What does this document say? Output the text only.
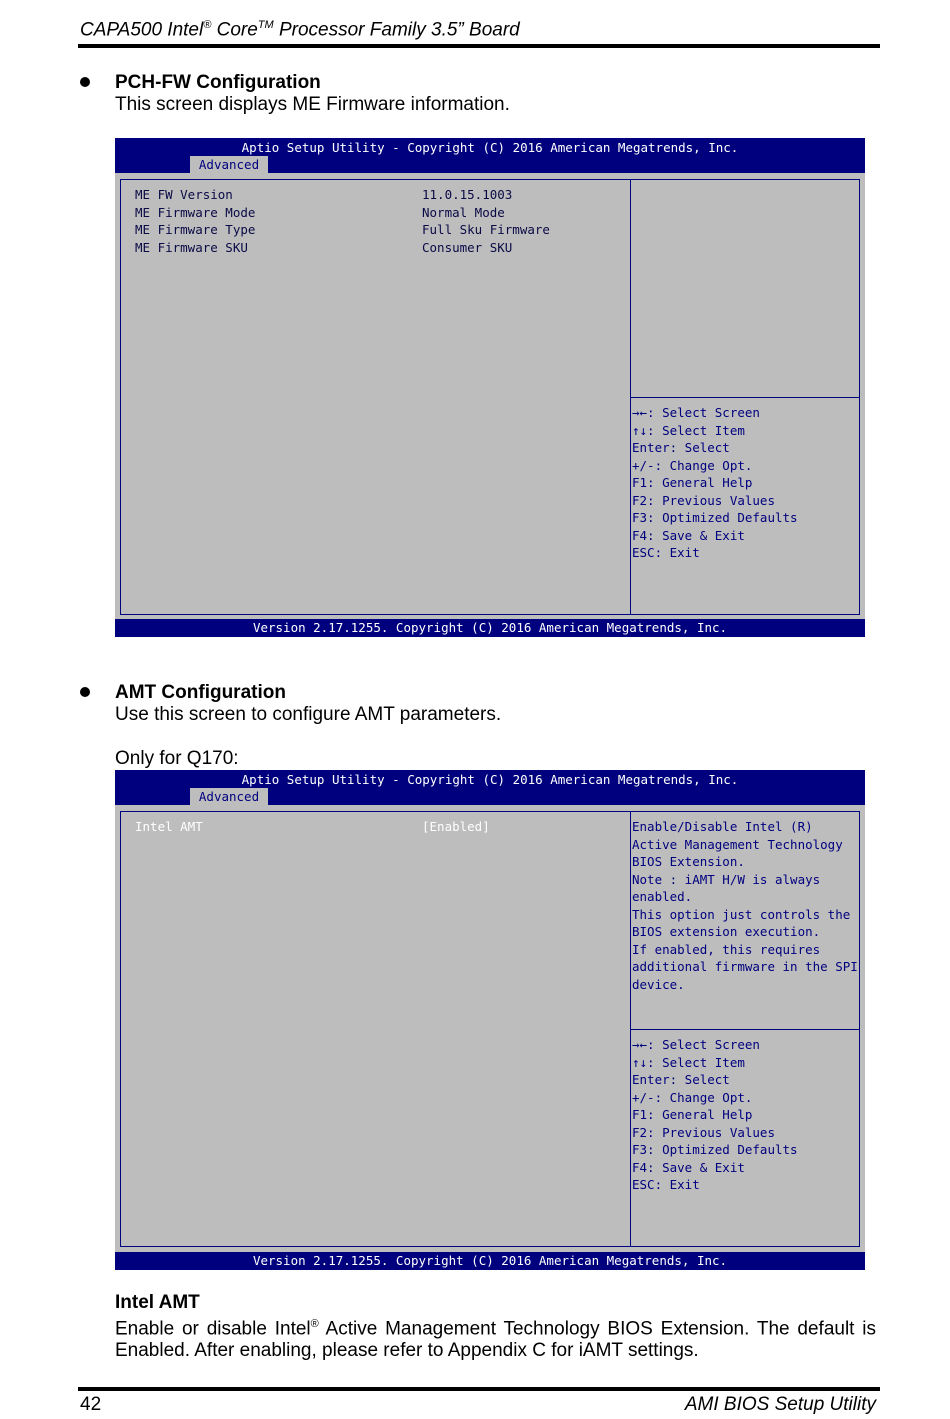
CAPA500 Intel® Core™ Processor Family 3.5” Board
PCH-FW Configuration
This screen displays ME Firmware information.
Aptio Setup Utility - Copyright (C) 2016 American Megatrends, Inc.
Advanced
ME FW Version	11.0.15.1003
ME Firmware Mode	Normal Mode
ME Firmware Type	Full Sku Firmware
ME Firmware SKU	Consumer SKU
→←: Select Screen
↑↓: Select Item
Enter: Select
+/-: Change Opt.
F1: General Help
F2: Previous Values
F3: Optimized Defaults
F4: Save & Exit
ESC: Exit
Version 2.17.1255. Copyright (C) 2016 American Megatrends, Inc.
AMT Configuration
Use this screen to configure AMT parameters.
Only for Q170:
Aptio Setup Utility - Copyright (C) 2016 American Megatrends, Inc.
Advanced
Intel AMT	[Enabled]	Enable/Disable Intel (R)
Active Management Technology
BIOS Extension.
Note : iAMT H/W is always
enabled.
This option just controls the
BIOS extension execution.
If enabled, this requires
additional firmware in the SPI
device.
→←: Select Screen
↑↓: Select Item
Enter: Select
+/-: Change Opt.
F1: General Help
F2: Previous Values
F3: Optimized Defaults
F4: Save & Exit
ESC: Exit
Version 2.17.1255. Copyright (C) 2016 American Megatrends, Inc.
Intel AMT
Enable or disable Intel® Active Management Technology BIOS Extension. The default is Enabled. After enabling, please refer to Appendix C for iAMT settings.
42	AMI BIOS Setup Utility
